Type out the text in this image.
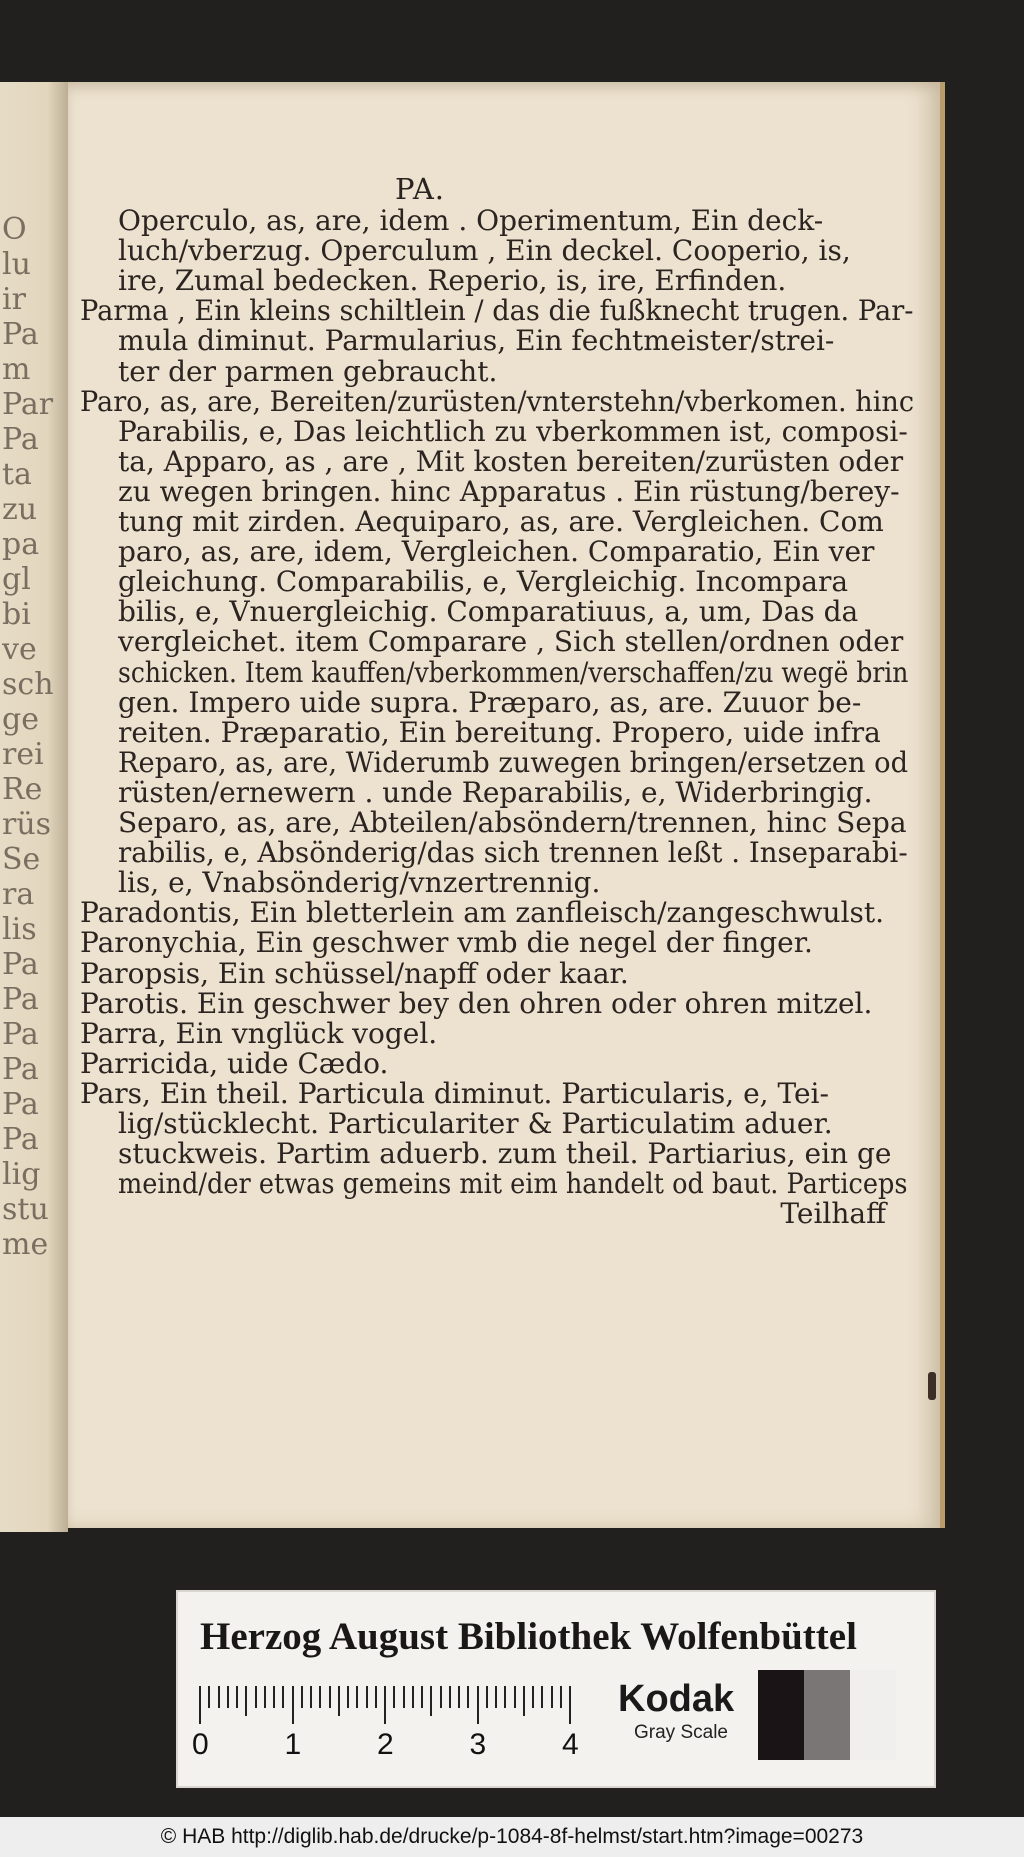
O
lu
ir
Pa
m
Par
Pa
ta
zu
pa
gl
bi
ve
sch
ge
rei
Re
rüs
Se
ra
lis
Pa
Pa
Pa
Pa
Pa
Pa
lig
stu
me
PA.
Operculo, as, are, idem . Operimentum, Ein deck-
luch/vberzug. Operculum , Ein deckel. Cooperio, is,
ire, Zumal bedecken. Reperio, is, ire, Erfinden.
Parma , Ein kleins schiltlein / das die fußknecht trugen. Par-
mula diminut. Parmularius, Ein fechtmeister/strei-
ter der parmen gebraucht.
Paro, as, are, Bereiten/zurüsten/vnterstehn/vberkomen. hinc
Parabilis, e, Das leichtlich zu vberkommen ist, composi-
ta, Apparo, as , are , Mit kosten bereiten/zurüsten oder
zu wegen bringen. hinc Apparatus . Ein rüstung/berey-
tung mit zirden. Aequiparo, as, are. Vergleichen. Com
paro, as, are, idem, Vergleichen. Comparatio, Ein ver
gleichung. Comparabilis, e, Vergleichig. Incompara
bilis, e, Vnuergleichig. Comparatiuus, a, um, Das da
vergleichet. item Comparare , Sich stellen/ordnen oder
schicken. Item kauffen/vberkommen/verschaffen/zu wegë brin
gen. Impero uide supra. Præparo, as, are. Zuuor be-
reiten. Præparatio, Ein bereitung. Propero, uide infra
Reparo, as, are, Widerumb zuwegen bringen/ersetzen od
rüsten/ernewern . unde Reparabilis, e, Widerbringig.
Separo, as, are, Abteilen/absöndern/trennen, hinc Sepa
rabilis, e, Absönderig/das sich trennen leßt . Inseparabi-
lis, e, Vnabsönderig/vnzertrennig.
Paradontis, Ein bletterlein am zanfleisch/zangeschwulst.
Paronychia, Ein geschwer vmb die negel der finger.
Paropsis, Ein schüssel/napff oder kaar.
Parotis. Ein geschwer bey den ohren oder ohren mitzel.
Parra, Ein vnglück vogel.
Parricida, uide Cædo.
Pars, Ein theil. Particula diminut. Particularis, e, Tei-
lig/stücklecht. Particulariter & Particulatim aduer.
stuckweis. Partim aduerb. zum theil. Partiarius, ein ge
meind/der etwas gemeins mit eim handelt od baut. Particeps
Teilhaff
Herzog August Bibliothek Wolfenbüttel
0	1	2	3	4
Kodak
Gray Scale
© HAB http://diglib.hab.de/drucke/p-1084-8f-helmst/start.htm?image=00273
